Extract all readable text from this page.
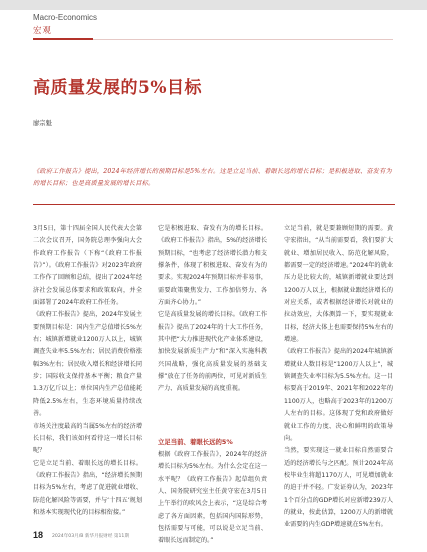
Macro-Economics
宏观
高质量发展的5%目标
廖宗魁
《政府工作报告》提出，2024年经济增长的预期目标是5%左右。这是立足当前、着眼长远的增长目标；是积极进取、奋发有为的增长目标；也是高质量发展的增长目标。

3月5日，第十四届全国人民代表大会第二次会议召开，国务院总理李强向大会作政府工作报告（下称“《政府工作报告》”）。《政府工作报告》对2023年政府工作作了回顾和总结，提出了2024年经济社会发展总体要求和政策取向，并全面部署了2024年政府工作任务。

《政府工作报告》提出，2024年发展主要预期目标是：国内生产总值增长5%左右；城镇新增就业1200万人以上，城镇调查失业率5.5%左右；居民消费价格涨幅3%左右；居民收入增长和经济增长同步；国际收支保持基本平衡；粮食产量1.3万亿斤以上；单位国内生产总值能耗降低2.5%左右，生态环境质量持续改善。

市场关注度最高的当属5%左右的经济增长目标，我们该如何看待这一增长目标呢？

它是立足当前、着眼长远的增长目标。《政府工作报告》指出，“经济增长预期目标为5%左右，考虑了促进就业增收、防范化解风险等需要，并与‘十四五’规划和基本实现现代化的目标相衔接。”

它是积极进取、奋发有为的增长目标。《政府工作报告》指出，5%的经济增长预期目标，“也考虑了经济增长潜力和支撑条件，体现了积极进取、奋发有为的要求。实现2024年预期目标并非易事，需要政策聚焦发力、工作加倍努力、各方面齐心协力。”

它是高质量发展的增长目标。《政府工作报告》提出了2024年的十大工作任务，其中把“大力推进现代化产业体系建设，加快发展新质生产力”和“深入实施科教兴国战略，强化高质量发展的基础支撑”放在了任务的前两位，可见对新质生产力、高质量发展的高度重视。

立足当前、着眼长远的5%

根据《政府工作报告》，2024年的经济增长目标为5%左右。为什么会定在这一水平呢？《政府工作报告》起草组负责人、国务院研究室主任黄守宏在3月5日上午举行的吹风会上表示，“这是综合考虑了各方面因素，包括国内国际形势，包括需要与可能，可以说是立足当前、着眼长远而制定的。”

立足当前，就是要兼顾短期的需要。黄守宏指出，“从当前需要看，我们要扩大就业、增加居民收入、防范化解风险，都需要一定的经济增速。”2024年的就业压力是比较大的，城镇新增就业要达到1200万人以上，根据就业跟经济增长的对应关系，或者根据经济增长对就业的拉动效应，大体测算一下，要实现就业目标，经济大体上也需要保持5%左右的增速。

《政府工作报告》提出的2024年城镇新增就业人数目标是“1200万人以上”，城镇调查失业率目标为5.5%左右。这一目标要高于2019年、2021年和2022年的1100万人，也略高于2023年的1200万人左右的目标。这体现了党和政府做好就业工作的力度、决心和鲜明的政策导向。

当然，要实现这一就业目标自然需要合适的经济增长与之匹配。预计2024年高校毕业生将超1170万人，可见增加就业的迫于并不轻。广发证券认为，2023年1个百分点的GDP增长对应新增239万人的就业，按此估算，1200万人的新增就业需要的内生GDP增速就在5%左右。

18 2024年03月/B 新华月报财经 第11期
